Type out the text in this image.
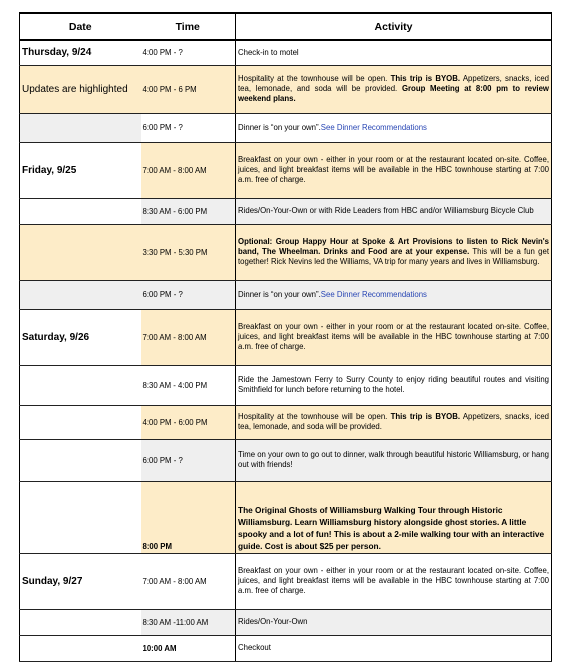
Date	Time	Activity
Thursday, 9/24	4:00 PM - ?	Check-in to motel
Updates are highlighted	4:00 PM - 6 PM	Hospitality at the townhouse will be open. This trip is BYOB. Appetizers, snacks, iced tea, lemonade, and soda will be provided. Group Meeting at 8:00 pm to review weekend plans.
	6:00 PM - ?	Dinner is “on your own”.See Dinner Recommendations
Friday, 9/25	7:00 AM - 8:00 AM	Breakfast on your own - either in your room or at the restaurant located on-site. Coffee, juices, and light breakfast items will be available in the HBC townhouse starting at 7:00 a.m. free of charge.
	8:30 AM - 6:00 PM	Rides/On-Your-Own or with Ride Leaders from HBC and/or Williamsburg Bicycle Club
	3:30 PM - 5:30 PM	Optional: Group Happy Hour at Spoke & Art Provisions to listen to Rick Nevin's band, The Wheelman. Drinks and Food are at your expense. This will be a fun get together! Rick Nevins led the Williams, VA trip for many years and lives in Williamsburg.
	6:00 PM - ?	Dinner is “on your own”.See Dinner Recommendations
Saturday, 9/26	7:00 AM - 8:00 AM	Breakfast on your own - either in your room or at the restaurant located on-site. Coffee, juices, and light breakfast items will be available in the HBC townhouse starting at 7:00 a.m. free of charge.
	8:30 AM - 4:00 PM	Ride the Jamestown Ferry to Surry County to enjoy riding beautiful routes and visiting Smithfield for lunch before returning to the hotel.
	4:00 PM - 6:00 PM	Hospitality at the townhouse will be open. This trip is BYOB. Appetizers, snacks, iced tea, lemonade, and soda will be provided.
	6:00 PM - ?	Time on your own to go out to dinner, walk through beautiful historic Williamsburg, or hang out with friends!
	8:00 PM	The Original Ghosts of Williamsburg Walking Tour through Historic Williamsburg. Learn Williamsburg history alongside ghost stories. A little spooky and a lot of fun! This is about a 2-mile walking tour with an interactive guide. Cost is about $25 per person.
Sunday, 9/27	7:00 AM - 8:00 AM	Breakfast on your own - either in your room or at the restaurant located on-site. Coffee, juices, and light breakfast items will be available in the HBC townhouse starting at 7:00 a.m. free of charge.
	8:30 AM -11:00 AM	Rides/On-Your-Own
	10:00 AM	Checkout
